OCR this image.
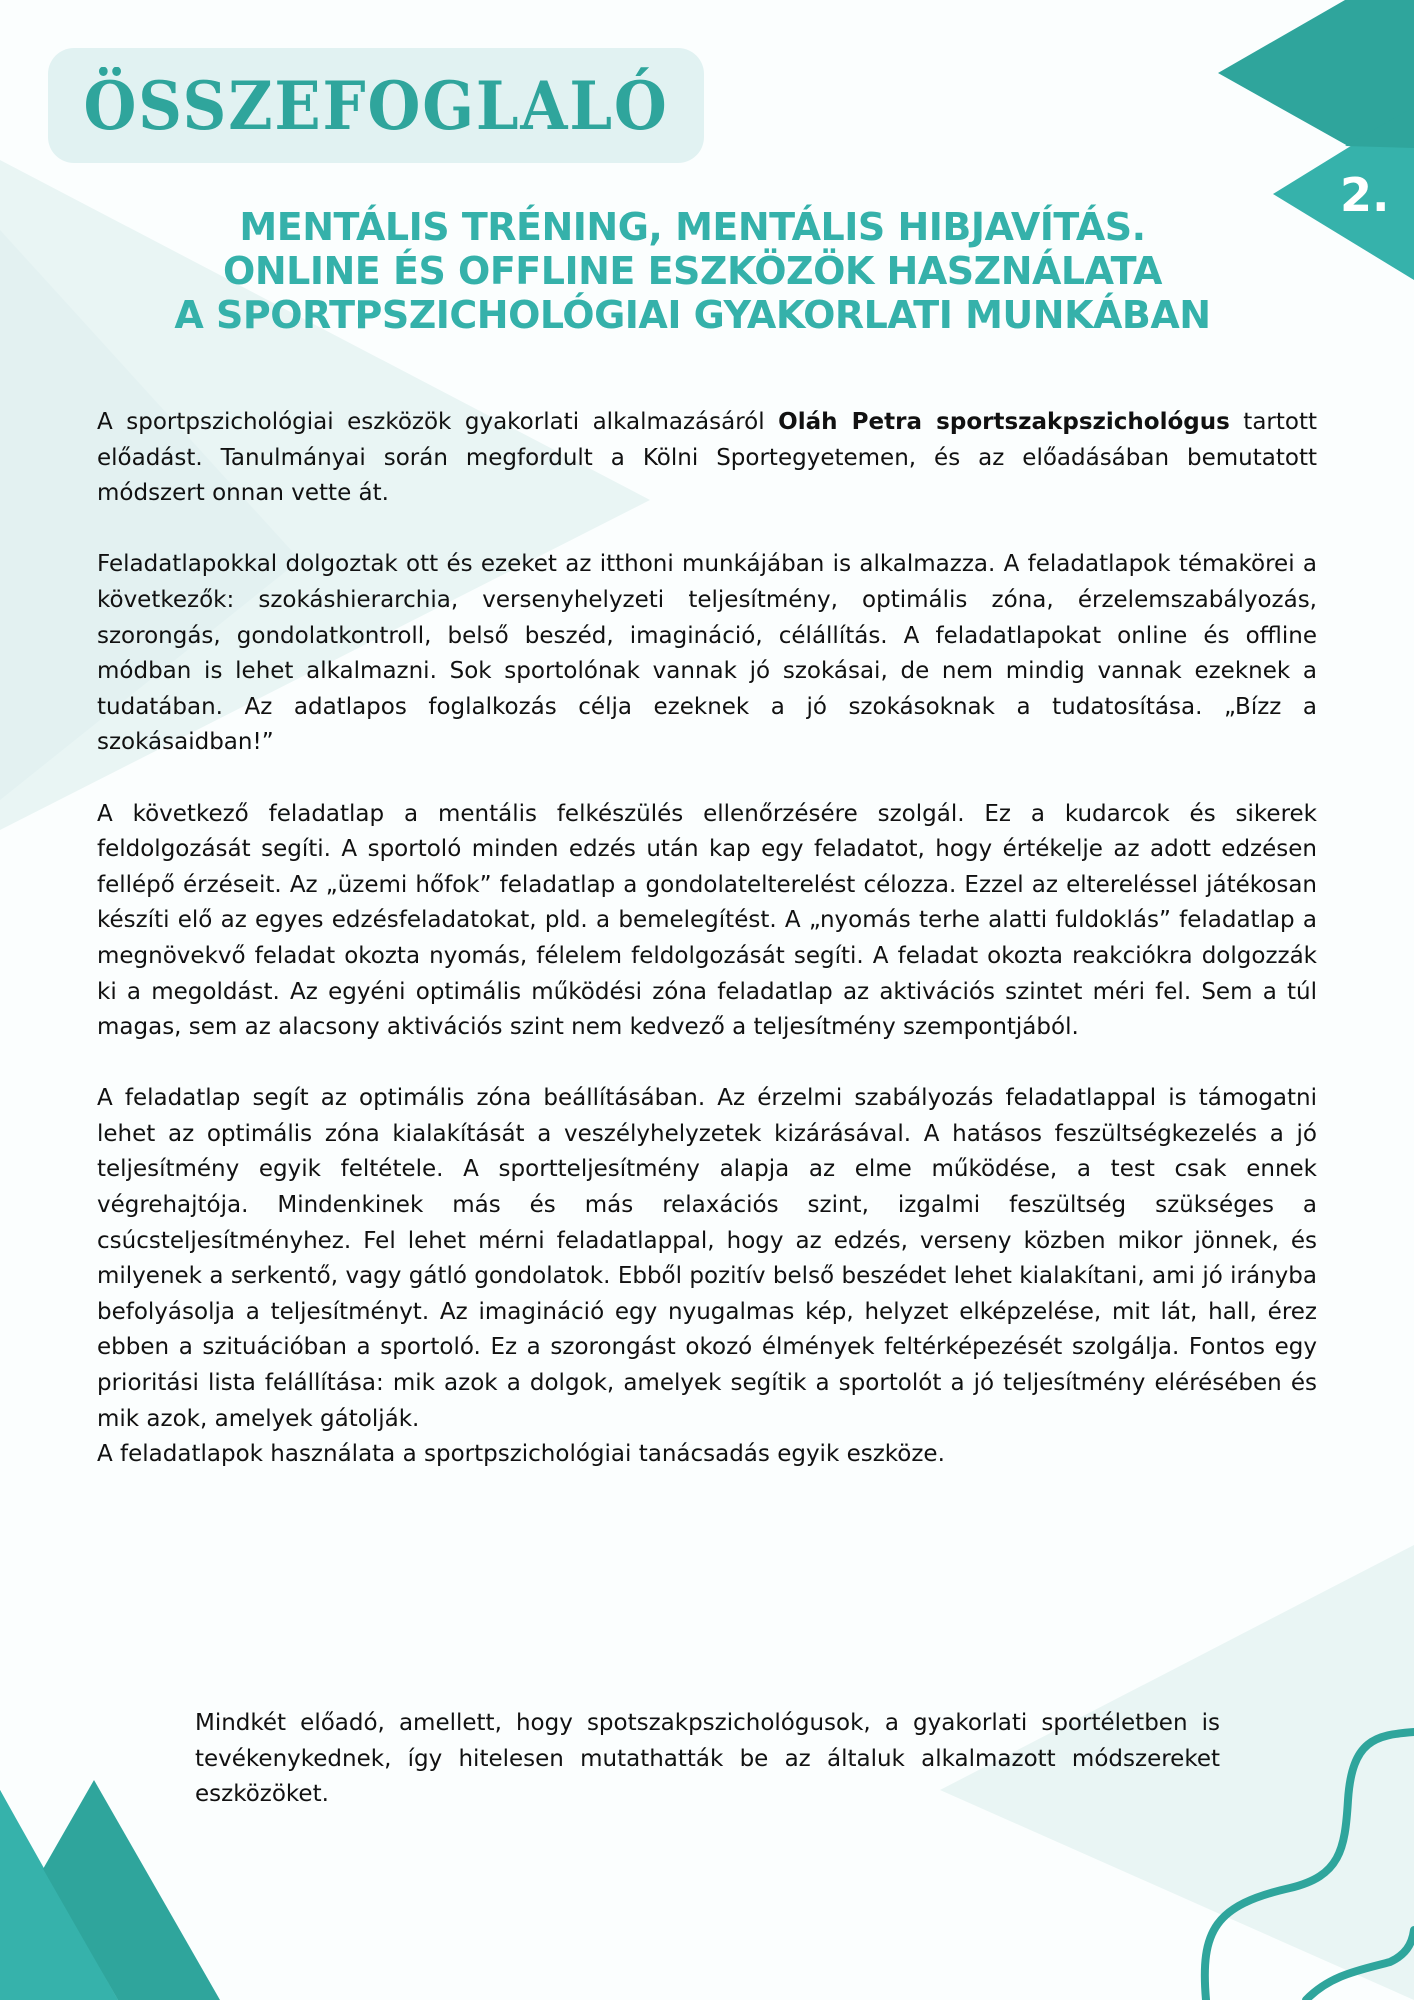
ÖSSZEFOGLALÓ
2.
MENTÁLIS TRÉNING, MENTÁLIS HIBJAVÍTÁS.
ONLINE ÉS OFFLINE ESZKÖZÖK HASZNÁLATA
A SPORTPSZICHOLÓGIAI GYAKORLATI MUNKÁBAN

A sportpszichológiai eszközök gyakorlati alkalmazásáról Oláh Petra sportszakpszichológus tartott előadást. Tanulmányai során megfordult a Kölni Sportegyetemen, és az előadásában bemutatott módszert onnan vette át.

Feladatlapokkal dolgoztak ott és ezeket az itthoni munkájában is alkalmazza. A feladatlapok témakörei a következők: szokáshierarchia, versenyhelyzeti teljesítmény, optimális zóna, érzelemszabályozás, szorongás, gondolatkontroll, belső beszéd, imagináció, célállítás. A feladatlapokat online és offline módban is lehet alkalmazni. Sok sportolónak vannak jó szokásai, de nem mindig vannak ezeknek a tudatában. Az adatlapos foglalkozás célja ezeknek a jó szokásoknak a tudatosítása. „Bízz a szokásaidban!”

A következő feladatlap a mentális felkészülés ellenőrzésére szolgál. Ez a kudarcok és sikerek feldolgozását segíti. A sportoló minden edzés után kap egy feladatot, hogy értékelje az adott edzésen fellépő érzéseit. Az „üzemi hőfok” feladatlap a gondolatelterelést célozza. Ezzel az eltereléssel játékosan készíti elő az egyes edzésfeladatokat, pld. a bemelegítést. A „nyomás terhe alatti fuldoklás” feladatlap a megnövekvő feladat okozta nyomás, félelem feldolgozását segíti. A feladat okozta reakciókra dolgozzák ki a megoldást. Az egyéni optimális működési zóna feladatlap az aktivációs szintet méri fel. Sem a túl magas, sem az alacsony aktivációs szint nem kedvező a teljesítmény szempontjából.

A feladatlap segít az optimális zóna beállításában. Az érzelmi szabályozás feladatlappal is támogatni lehet az optimális zóna kialakítását a veszélyhelyzetek kizárásával. A hatásos feszültségkezelés a jó teljesítmény egyik feltétele. A sportteljesítmény alapja az elme működése, a test csak ennek végrehajtója. Mindenkinek más és más relaxációs szint, izgalmi feszültség szükséges a csúcsteljesítményhez. Fel lehet mérni feladatlappal, hogy az edzés, verseny közben mikor jönnek, és milyenek a serkentő, vagy gátló gondolatok. Ebből pozitív belső beszédet lehet kialakítani, ami jó irányba befolyásolja a teljesítményt. Az imagináció egy nyugalmas kép, helyzet elképzelése, mit lát, hall, érez ebben a szituációban a sportoló. Ez a szorongást okozó élmények feltérképezését szolgálja. Fontos egy prioritási lista felállítása: mik azok a dolgok, amelyek segítik a sportolót a jó teljesítmény elérésében és mik azok, amelyek gátolják.

A feladatlapok használata a sportpszichológiai tanácsadás egyik eszköze.

Mindkét előadó, amellett, hogy spotszakpszichológusok, a gyakorlati sportéletben is tevékenykednek, így hitelesen mutathatták be az általuk alkalmazott módszereket eszközöket.
